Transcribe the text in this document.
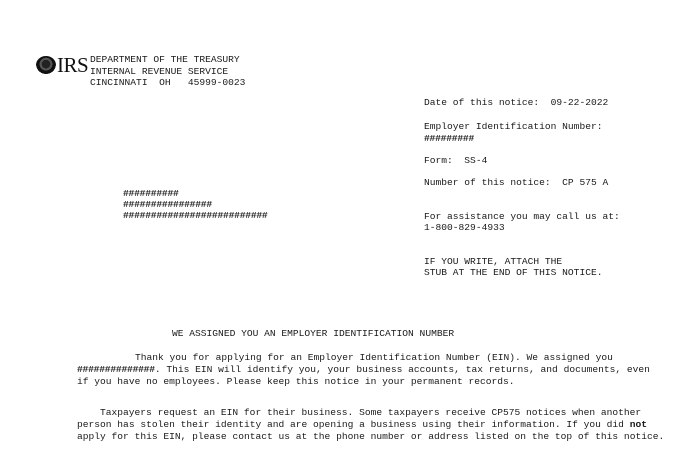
IRS DEPARTMENT OF THE TREASURY
INTERNAL REVENUE SERVICE
CINCINNATI  OH   45999-0023
Date of this notice:  09-22-2022
Employer Identification Number:
#########
Form:  SS-4
Number of this notice:  CP 575 A
For assistance you may call us at:
1-800-829-4933
IF YOU WRITE, ATTACH THE
STUB AT THE END OF THIS NOTICE.
##########
################
##########################
WE ASSIGNED YOU AN EMPLOYER IDENTIFICATION NUMBER

Thank you for applying for an Employer Identification Number (EIN). We assigned you ##############. This EIN will identify you, your business accounts, tax returns, and documents, even if you have no employees. Please keep this notice in your permanent records.

Taxpayers request an EIN for their business. Some taxpayers receive CP575 notices when another person has stolen their identity and are opening a business using their information. If you did not apply for this EIN, please contact us at the phone number or address listed on the top of this notice.
